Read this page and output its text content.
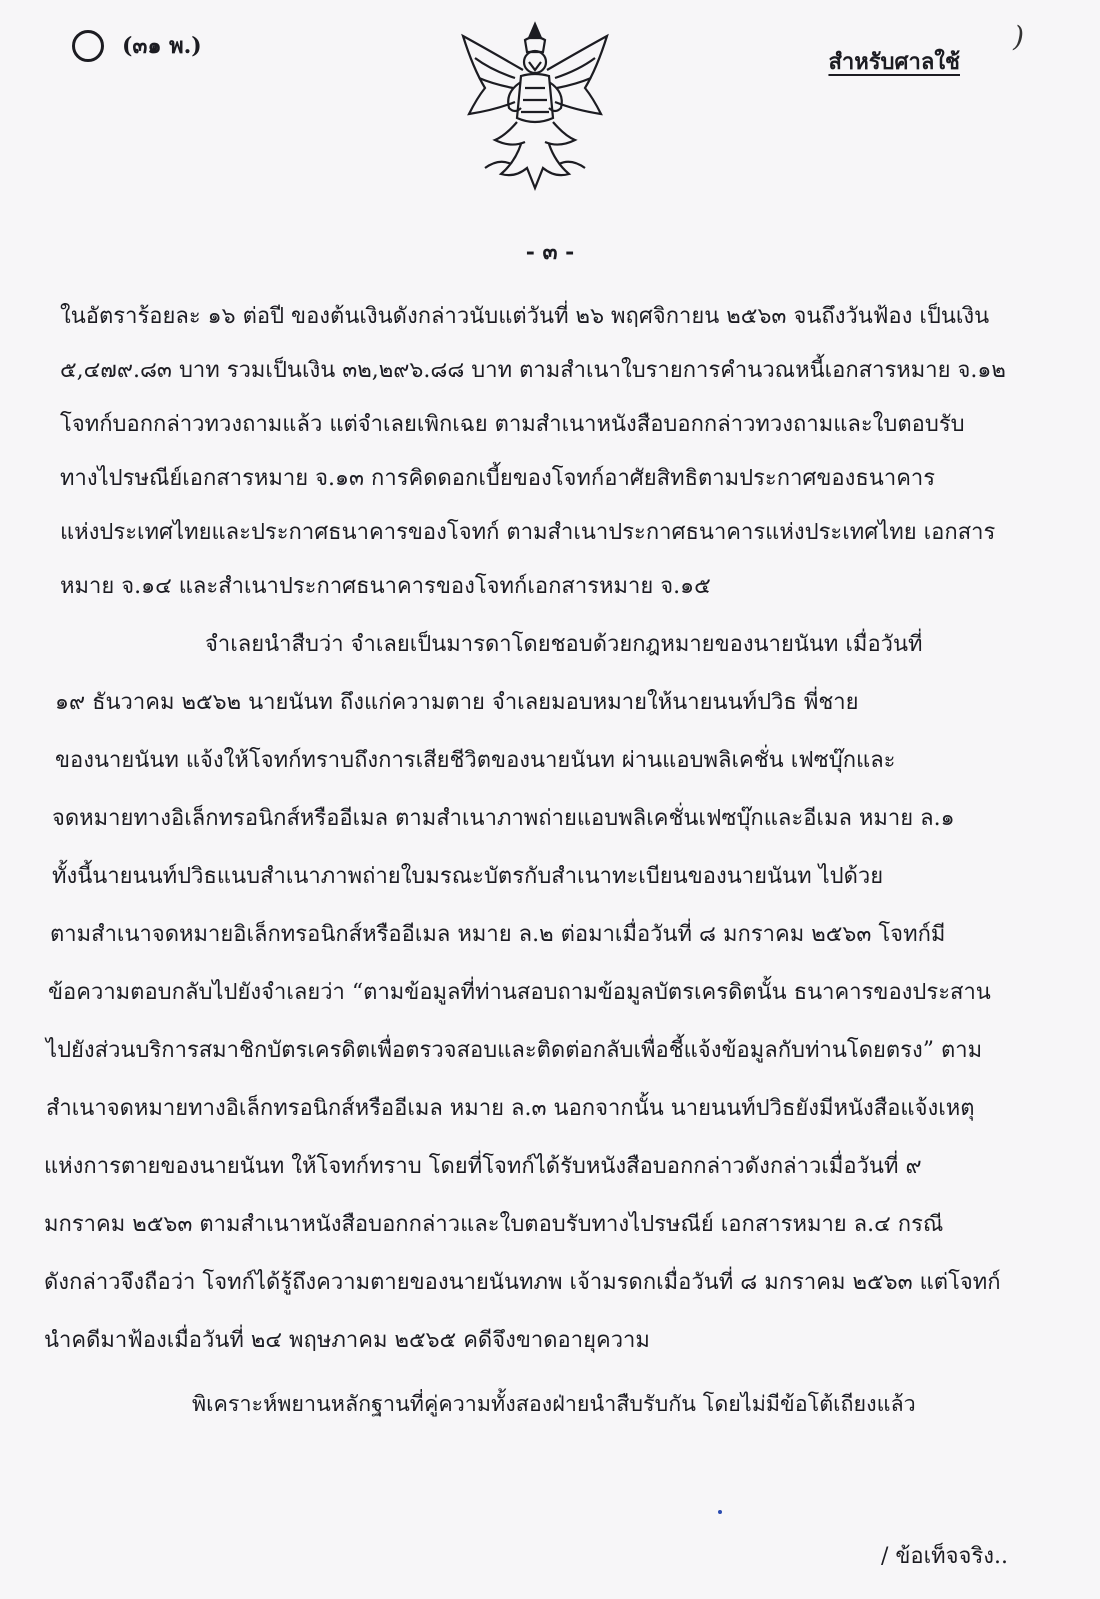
(๓๑ พ.)
สำหรับศาลใช้
)
- ๓ -
ในอัตราร้อยละ ๑๖ ต่อปี ของต้นเงินดังกล่าวนับแต่วันที่ ๒๖ พฤศจิกายน ๒๕๖๓ จนถึงวันฟ้อง เป็นเงิน
๕,๔๗๙.๘๓ บาท รวมเป็นเงิน ๓๒,๒๙๖.๘๘ บาท ตามสำเนาใบรายการคำนวณหนี้เอกสารหมาย จ.๑๒
โจทก์บอกกล่าวทวงถามแล้ว แต่จำเลยเพิกเฉย ตามสำเนาหนังสือบอกกล่าวทวงถามและใบตอบรับ
ทางไปรษณีย์เอกสารหมาย จ.๑๓ การคิดดอกเบี้ยของโจทก์อาศัยสิทธิตามประกาศของธนาคาร
แห่งประเทศไทยและประกาศธนาคารของโจทก์ ตามสำเนาประกาศธนาคารแห่งประเทศไทย เอกสาร
หมาย จ.๑๔ และสำเนาประกาศธนาคารของโจทก์เอกสารหมาย จ.๑๕
จำเลยนำสืบว่า จำเลยเป็นมารดาโดยชอบด้วยกฎหมายของนายนันท เมื่อวันที่
๑๙ ธันวาคม ๒๕๖๒ นายนันท ถึงแก่ความตาย จำเลยมอบหมายให้นายนนท์ปวิธ พี่ชาย
ของนายนันท แจ้งให้โจทก์ทราบถึงการเสียชีวิตของนายนันท ผ่านแอบพลิเคชั่น เฟซบุ๊กและ
จดหมายทางอิเล็กทรอนิกส์หรืออีเมล ตามสำเนาภาพถ่ายแอบพลิเคชั่นเฟซบุ๊กและอีเมล หมาย ล.๑
ทั้งนี้นายนนท์ปวิธแนบสำเนาภาพถ่ายใบมรณะบัตรกับสำเนาทะเบียนของนายนันท ไปด้วย
ตามสำเนาจดหมายอิเล็กทรอนิกส์หรืออีเมล หมาย ล.๒ ต่อมาเมื่อวันที่ ๘ มกราคม ๒๕๖๓ โจทก์มี
ข้อความตอบกลับไปยังจำเลยว่า “ตามข้อมูลที่ท่านสอบถามข้อมูลบัตรเครดิตนั้น ธนาคารของประสาน
ไปยังส่วนบริการสมาชิกบัตรเครดิตเพื่อตรวจสอบและติดต่อกลับเพื่อชี้แจ้งข้อมูลกับท่านโดยตรง” ตาม
สำเนาจดหมายทางอิเล็กทรอนิกส์หรืออีเมล หมาย ล.๓ นอกจากนั้น นายนนท์ปวิธยังมีหนังสือแจ้งเหตุ
แห่งการตายของนายนันท ให้โจทก์ทราบ โดยที่โจทก์ได้รับหนังสือบอกกล่าวดังกล่าวเมื่อวันที่ ๙
มกราคม ๒๕๖๓ ตามสำเนาหนังสือบอกกล่าวและใบตอบรับทางไปรษณีย์ เอกสารหมาย ล.๔ กรณี
ดังกล่าวจึงถือว่า โจทก์ได้รู้ถึงความตายของนายนันทภพ เจ้ามรดกเมื่อวันที่ ๘ มกราคม ๒๕๖๓ แต่โจทก์
นำคดีมาฟ้องเมื่อวันที่ ๒๔ พฤษภาคม ๒๕๖๕ คดีจึงขาดอายุความ
พิเคราะห์พยานหลักฐานที่คู่ความทั้งสองฝ่ายนำสืบรับกัน โดยไม่มีข้อโต้เถียงแล้ว
/ ข้อเท็จจริง..
